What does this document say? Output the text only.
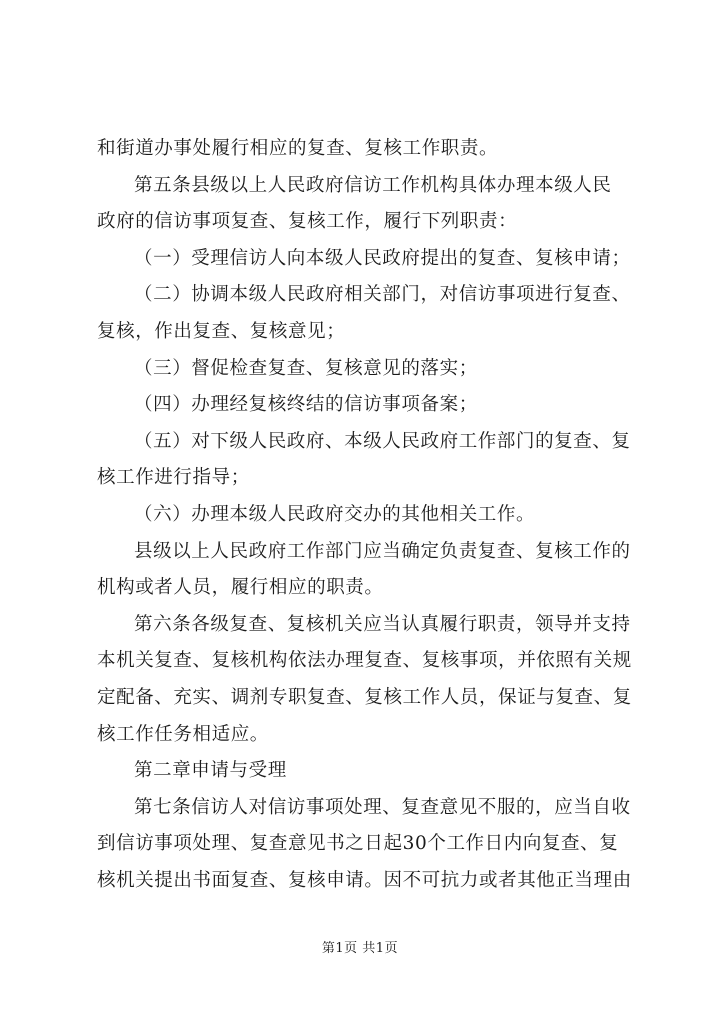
和街道办事处履行相应的复查、复核工作职责。
第五条县级以上人民政府信访工作机构具体办理本级人民
政府的信访事项复查、复核工作，履行下列职责：
（一）受理信访人向本级人民政府提出的复查、复核申请；
（二）协调本级人民政府相关部门，对信访事项进行复查、
复核，作出复查、复核意见；
（三）督促检查复查、复核意见的落实；
（四）办理经复核终结的信访事项备案；
（五）对下级人民政府、本级人民政府工作部门的复查、复
核工作进行指导；
（六）办理本级人民政府交办的其他相关工作。
县级以上人民政府工作部门应当确定负责复查、复核工作的
机构或者人员，履行相应的职责。
第六条各级复查、复核机关应当认真履行职责，领导并支持
本机关复查、复核机构依法办理复查、复核事项，并依照有关规
定配备、充实、调剂专职复查、复核工作人员，保证与复查、复
核工作任务相适应。
第二章申请与受理
第七条信访人对信访事项处理、复查意见不服的，应当自收
到信访事项处理、复查意见书之日起30个工作日内向复查、复
核机关提出书面复查、复核申请。因不可抗力或者其他正当理由
第1页 共1页
